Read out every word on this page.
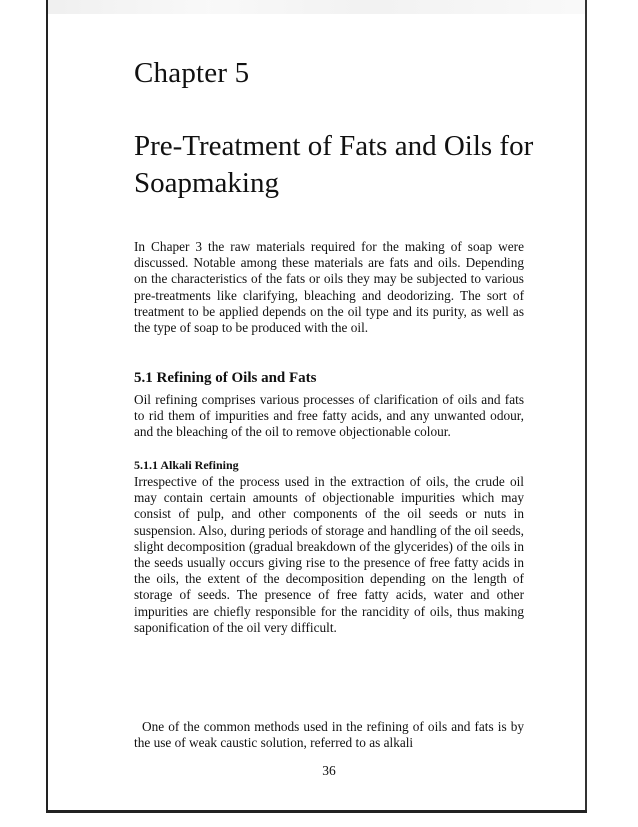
Chapter 5
Pre-Treatment of Fats and Oils for Soapmaking

In Chaper 3 the raw materials required for the making of soap were discussed. Notable among these materials are fats and oils. Depending on the characteristics of the fats or oils they may be subjected to various pre-treatments like clarifying, bleaching and deodorizing. The sort of treatment to be applied depends on the oil type and its purity, as well as the type of soap to be produced with the oil.

5.1 Refining of Oils and Fats

Oil refining comprises various processes of clarification of oils and fats to rid them of impurities and free fatty acids, and any unwanted odour, and the bleaching of the oil to remove objectionable colour.

5.1.1 Alkali Refining

Irrespective of the process used in the extraction of oils, the crude oil may contain certain amounts of objectionable impurities which may consist of pulp, and other components of the oil seeds or nuts in suspension. Also, during periods of storage and handling of the oil seeds, slight decomposition (gradual breakdown of the glycerides) of the oils in the seeds usually occurs giving rise to the presence of free fatty acids in the oils, the extent of the decomposition depending on the length of storage of seeds. The presence of free fatty acids, water and other impurities are chiefly responsible for the rancidity of oils, thus making saponification of the oil very difficult.

One of the common methods used in the refining of oils and fats is by the use of weak caustic solution, referred to as alkali

36
